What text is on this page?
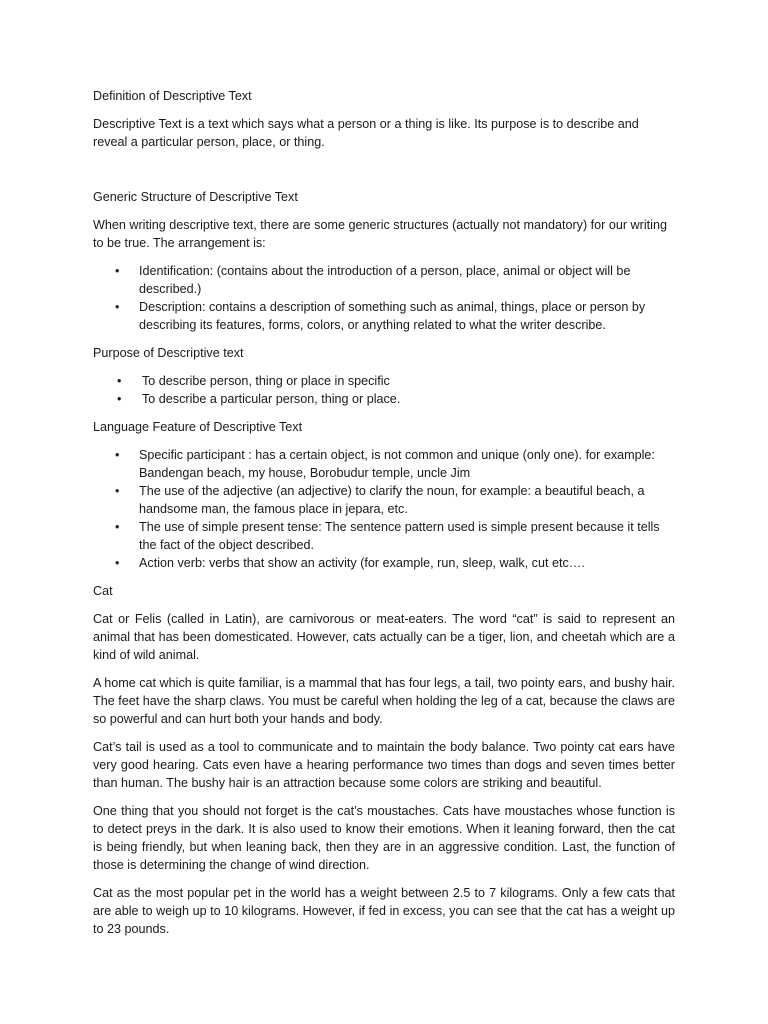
Definition of Descriptive Text

Descriptive Text is a text which says what a person or a thing is like. Its purpose is to describe and reveal a particular person, place, or thing.

Generic Structure of Descriptive Text

When writing descriptive text, there are some generic structures (actually not mandatory) for our writing to be true. The arrangement is:

• Identification: (contains about the introduction of a person, place, animal or object will be described.)
• Description: contains a description of something such as animal, things, place or person by describing its features, forms, colors, or anything related to what the writer describe.

Purpose of Descriptive text

• To describe person, thing or place in specific
• To describe a particular person, thing or place.

Language Feature of Descriptive Text

• Specific participant : has a certain object, is not common and unique (only one). for example: Bandengan beach, my house, Borobudur temple, uncle Jim
• The use of the adjective (an adjective) to clarify the noun, for example: a beautiful beach, a handsome man, the famous place in jepara, etc.
• The use of simple present tense: The sentence pattern used is simple present because it tells the fact of the object described.
• Action verb: verbs that show an activity (for example, run, sleep, walk, cut etc….

Cat

Cat or Felis (called in Latin), are carnivorous or meat-eaters. The word “cat” is said to represent an animal that has been domesticated. However, cats actually can be a tiger, lion, and cheetah which are a kind of wild animal.

A home cat which is quite familiar, is a mammal that has four legs, a tail, two pointy ears, and bushy hair. The feet have the sharp claws. You must be careful when holding the leg of a cat, because the claws are so powerful and can hurt both your hands and body.

Cat’s tail is used as a tool to communicate and to maintain the body balance. Two pointy cat ears have very good hearing. Cats even have a hearing performance two times than dogs and seven times better than human. The bushy hair is an attraction because some colors are striking and beautiful.

One thing that you should not forget is the cat’s moustaches. Cats have moustaches whose function is to detect preys in the dark. It is also used to know their emotions. When it leaning forward, then the cat is being friendly, but when leaning back, then they are in an aggressive condition. Last, the function of those is determining the change of wind direction.

Cat as the most popular pet in the world has a weight between 2.5 to 7 kilograms. Only a few cats that are able to weigh up to 10 kilograms. However, if fed in excess, you can see that the cat has a weight up to 23 pounds.
